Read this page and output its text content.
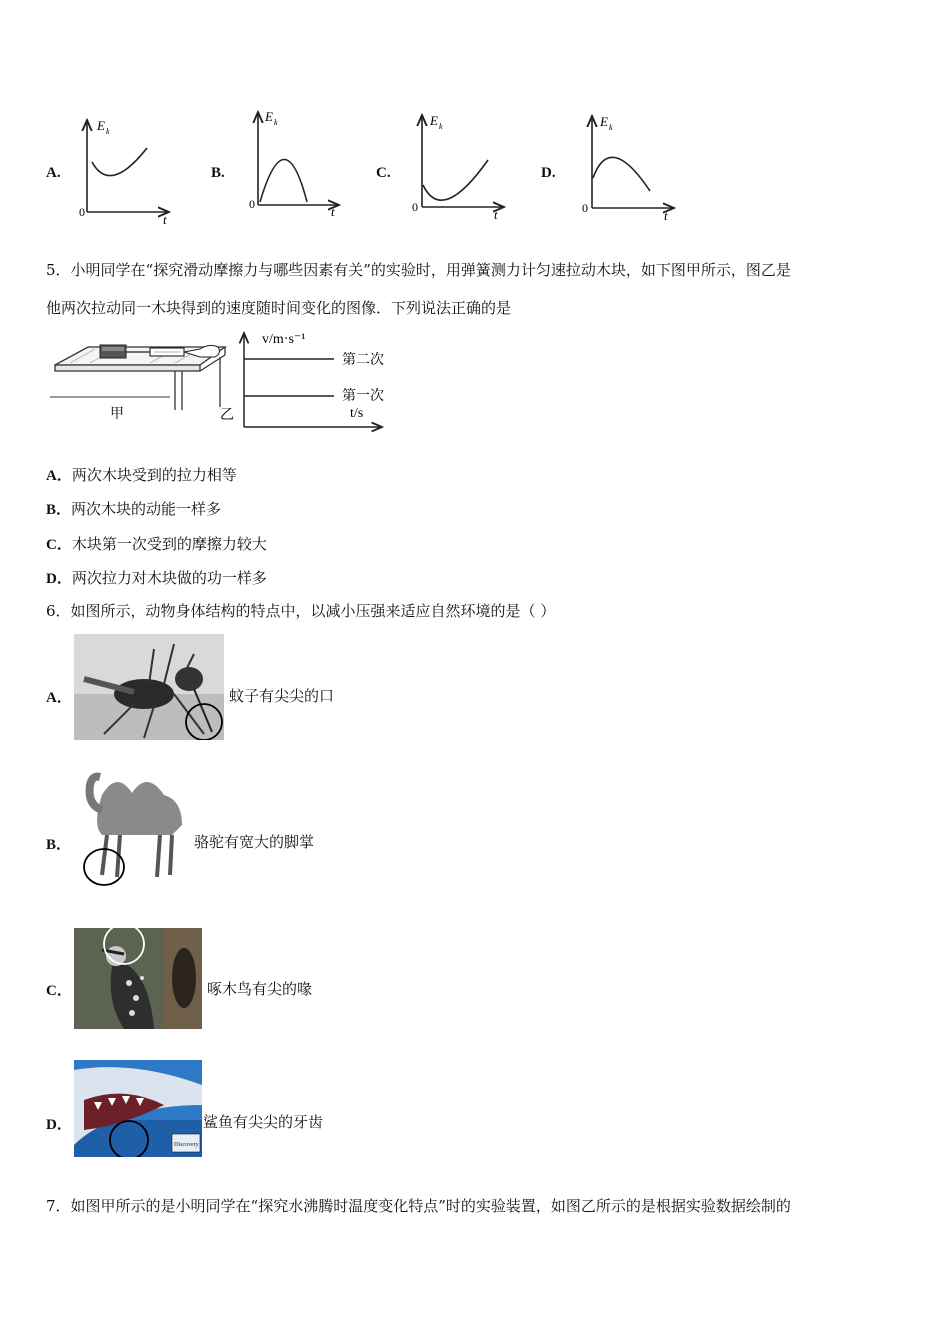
A.
E k
0	t
B.
E k
0	t
C.
E k
0	t
D.
E k
0	t
5．小明同学在“探究滑动摩擦力与哪些因素有关”的实验时，用弹簧测力计匀速拉动木块，如下图甲所示，图乙是
他两次拉动同一木块得到的速度随时间变化的图像．下列说法正确的是
甲
v/m·s⁻¹
第二次
第一次
t/s
乙
A．两次木块受到的拉力相等
B．两次木块的动能一样多
C．木块第一次受到的摩擦力较大
D．两次拉力对木块做的功一样多
6．如图所示，动物身体结构的特点中，以减小压强来适应自然环境的是（ ）
A．	蚊子有尖尖的口
B．	骆驼有宽大的脚掌
C．	啄木鸟有尖的喙
D．
Discovery
鲨鱼有尖尖的牙齿
7．如图甲所示的是小明同学在“探究水沸腾时温度变化特点”时的实验装置，如图乙所示的是根据实验数据绘制的
